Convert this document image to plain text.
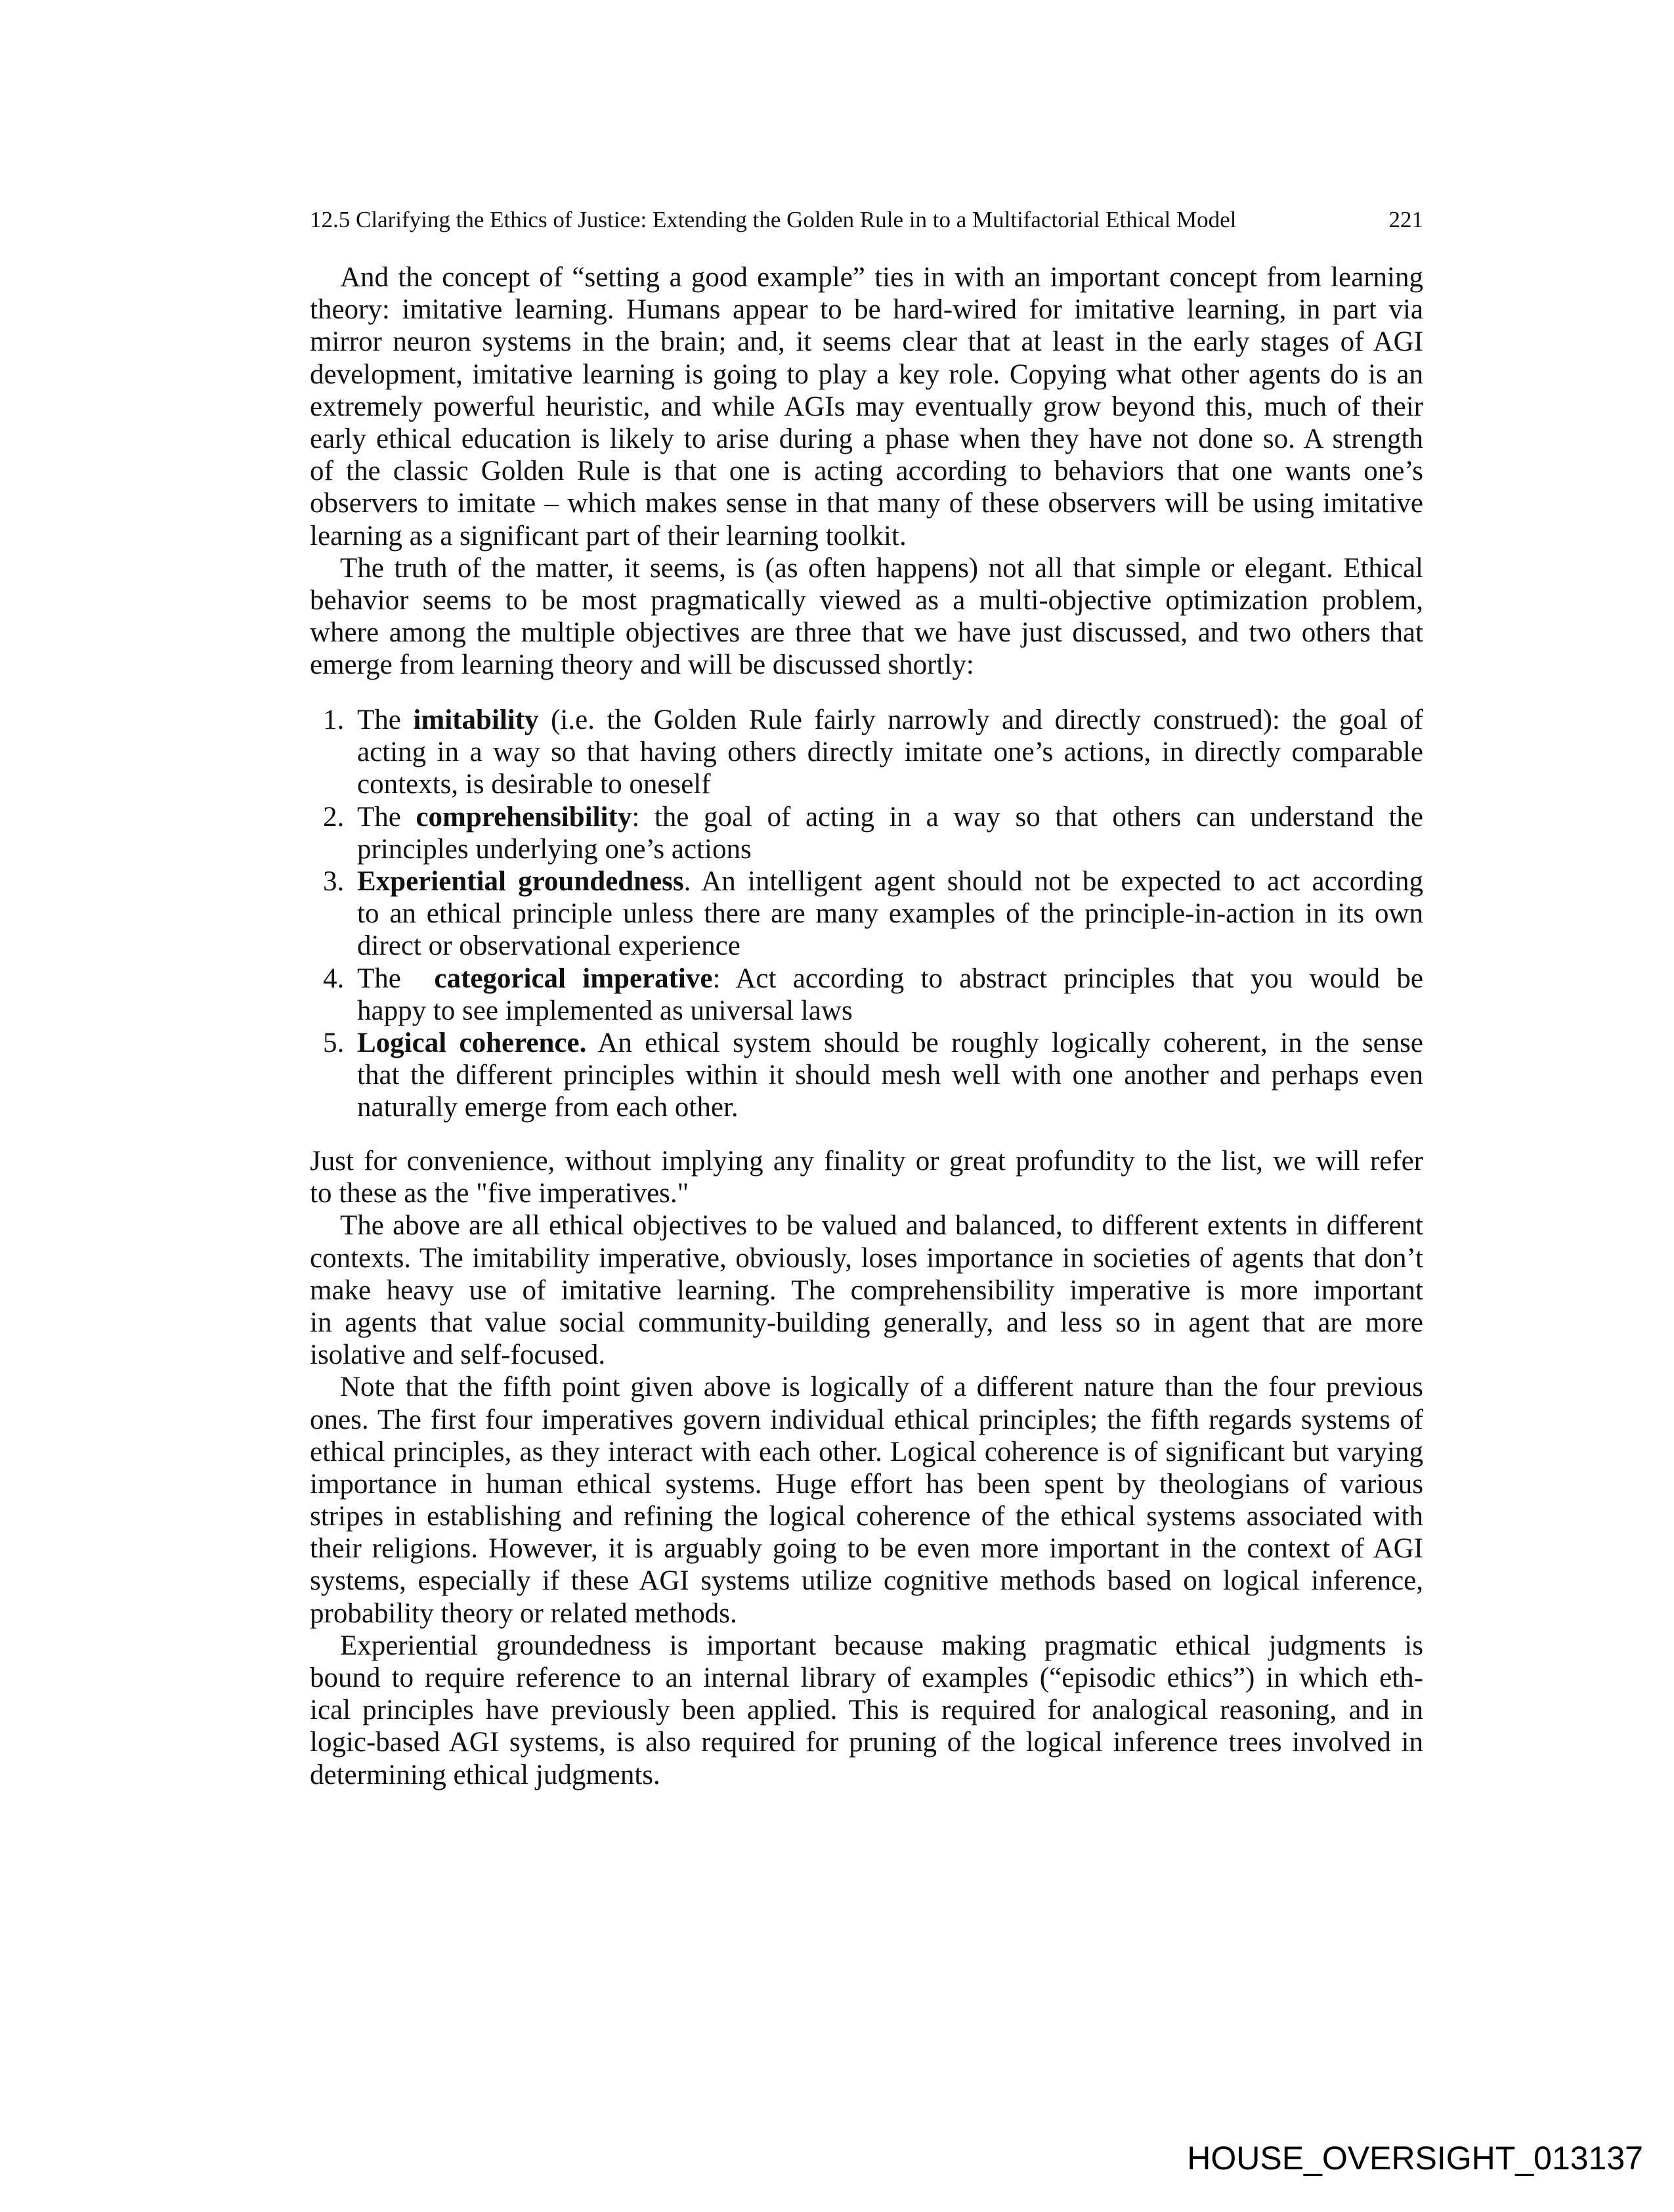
12.5 Clarifying the Ethics of Justice: Extending the Golden Rule in to a Multifactorial Ethical Model	221
And the concept of “setting a good example” ties in with an important concept from learning
theory: imitative learning. Humans appear to be hard-wired for imitative learning, in part via
mirror neuron systems in the brain; and, it seems clear that at least in the early stages of AGI
development, imitative learning is going to play a key role. Copying what other agents do is an
extremely powerful heuristic, and while AGIs may eventually grow beyond this, much of their
early ethical education is likely to arise during a phase when they have not done so. A strength
of the classic Golden Rule is that one is acting according to behaviors that one wants one’s
observers to imitate – which makes sense in that many of these observers will be using imitative
learning as a significant part of their learning toolkit.
The truth of the matter, it seems, is (as often happens) not all that simple or elegant. Ethical
behavior seems to be most pragmatically viewed as a multi-objective optimization problem,
where among the multiple objectives are three that we have just discussed, and two others that
emerge from learning theory and will be discussed shortly:
1. The imitability (i.e. the Golden Rule fairly narrowly and directly construed): the goal of
acting in a way so that having others directly imitate one’s actions, in directly comparable
contexts, is desirable to oneself
2. The comprehensibility: the goal of acting in a way so that others can understand the
principles underlying one’s actions
3. Experiential groundedness. An intelligent agent should not be expected to act according
to an ethical principle unless there are many examples of the principle-in-action in its own
direct or observational experience
4. The  categorical imperative: Act according to abstract principles that you would be
happy to see implemented as universal laws
5. Logical coherence. An ethical system should be roughly logically coherent, in the sense
that the different principles within it should mesh well with one another and perhaps even
naturally emerge from each other.
Just for convenience, without implying any finality or great profundity to the list, we will refer
to these as the "five imperatives."
The above are all ethical objectives to be valued and balanced, to different extents in different
contexts. The imitability imperative, obviously, loses importance in societies of agents that don’t
make heavy use of imitative learning. The comprehensibility imperative is more important
in agents that value social community-building generally, and less so in agent that are more
isolative and self-focused.
Note that the fifth point given above is logically of a different nature than the four previous
ones. The first four imperatives govern individual ethical principles; the fifth regards systems of
ethical principles, as they interact with each other. Logical coherence is of significant but varying
importance in human ethical systems. Huge effort has been spent by theologians of various
stripes in establishing and refining the logical coherence of the ethical systems associated with
their religions. However, it is arguably going to be even more important in the context of AGI
systems, especially if these AGI systems utilize cognitive methods based on logical inference,
probability theory or related methods.
Experiential groundedness is important because making pragmatic ethical judgments is
bound to require reference to an internal library of examples (“episodic ethics”) in which eth-
ical principles have previously been applied. This is required for analogical reasoning, and in
logic-based AGI systems, is also required for pruning of the logical inference trees involved in
determining ethical judgments.
HOUSE_OVERSIGHT_013137
